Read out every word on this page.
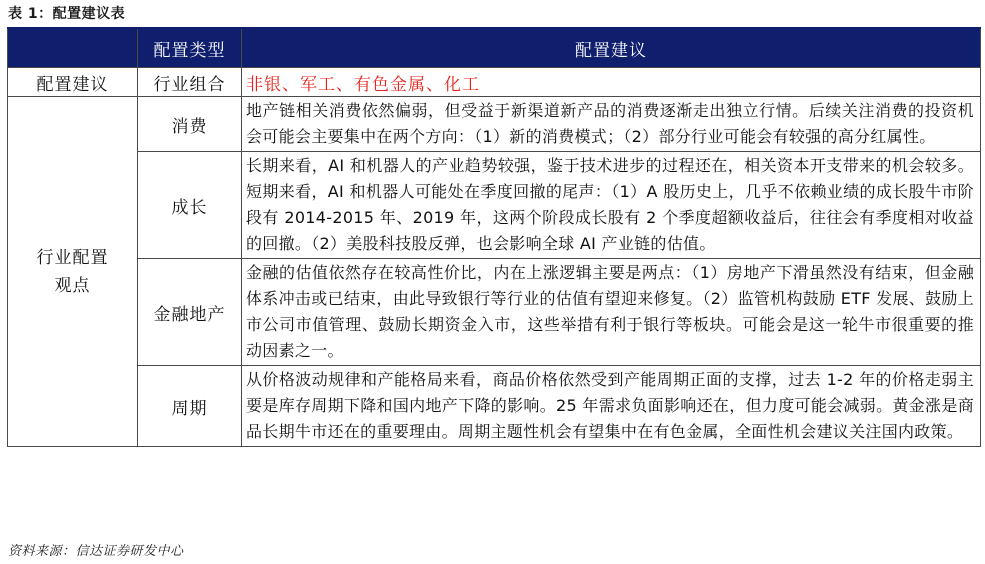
表 1：配置建议表
	配置类型	配置建议
配置建议	行业组合	非银、军工、有色金属、化工
行业配置观点	消费	地产链相关消费依然偏弱，但受益于新渠道新产品的消费逐渐走出独立行情。后续关注消费的投资机会可能会主要集中在两个方向：（1）新的消费模式；（2）部分行业可能会有较强的高分红属性。
	成长	长期来看，AI 和机器人的产业趋势较强，鉴于技术进步的过程还在，相关资本开支带来的机会较多。短期来看，AI 和机器人可能处在季度回撤的尾声：（1）A 股历史上，几乎不依赖业绩的成长股牛市阶段有 2014-2015 年、2019 年，这两个阶段成长股有 2 个季度超额收益后，往往会有季度相对收益的回撤。（2）美股科技股反弹，也会影响全球 AI 产业链的估值。
	金融地产	金融的估值依然存在较高性价比，内在上涨逻辑主要是两点：（1）房地产下滑虽然没有结束，但金融体系冲击或已结束，由此导致银行等行业的估值有望迎来修复。（2）监管机构鼓励 ETF 发展、鼓励上市公司市值管理、鼓励长期资金入市，这些举措有利于银行等板块。可能会是这一轮牛市很重要的推动因素之一。
	周期	从价格波动规律和产能格局来看，商品价格依然受到产能周期正面的支撑，过去 1-2 年的价格走弱主要是库存周期下降和国内地产下降的影响。25 年需求负面影响还在，但力度可能会减弱。黄金涨是商品长期牛市还在的重要理由。周期主题性机会有望集中在有色金属，全面性机会建议关注国内政策。
资料来源：信达证券研发中心
